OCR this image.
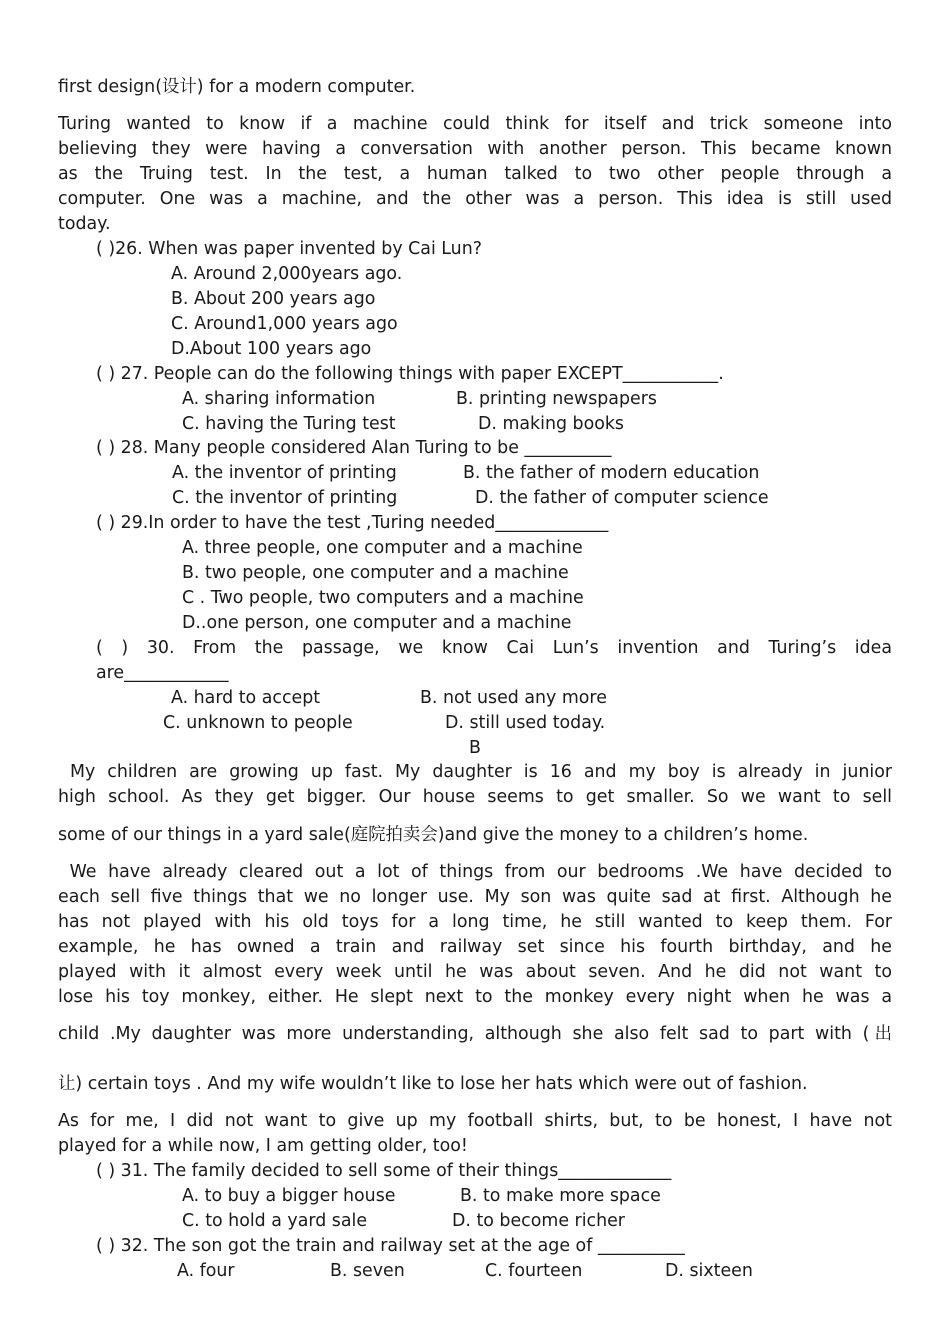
first design(设计) for a modern computer.
Turing wanted to know if a machine could think for itself and trick someone into
believing they were having a conversation with another person. This became known
as the Truing test. In the test, a human talked to two other people through a
computer. One was a machine, and the other was a person. This idea is still used
today.
( )26. When was paper invented by Cai Lun?
A. Around 2,000years ago.
B. About 200 years ago
C. Around1,000 years ago
D.About 100 years ago
( ) 27. People can do the following things with paper EXCEPT___________.
A. sharing information	B. printing newspapers
C. having the Turing test	D. making books
( ) 28. Many people considered Alan Turing to be __________
A. the inventor of printing	B. the father of modern education
C. the inventor of printing	D. the father of computer science
( ) 29.In order to have the test ,Turing needed_____________
A. three people, one computer and a machine
B. two people, one computer and a machine
C . Two people, two computers and a machine
D..one person, one computer and a machine
( ) 30. From the passage, we know Cai Lun’s invention and Turing’s idea
are____________
A. hard to accept	B. not used any more
C. unknown to people	D. still used today.
B
My children are growing up fast. My daughter is 16 and my boy is already in junior
high school. As they get bigger. Our house seems to get smaller. So we want to sell
some of our things in a yard sale(庭院拍卖会)and give the money to a children’s home.
We have already cleared out a lot of things from our bedrooms .We have decided to
each sell five things that we no longer use. My son was quite sad at first. Although he
has not played with his old toys for a long time, he still wanted to keep them. For
example, he has owned a train and railway set since his fourth birthday, and he
played with it almost every week until he was about seven. And he did not want to
lose his toy monkey, either. He slept next to the monkey every night when he was a
child .My daughter was more understanding, although she also felt sad to part with (出
让) certain toys . And my wife wouldn’t like to lose her hats which were out of fashion.
As for me, I did not want to give up my football shirts, but, to be honest, I have not
played for a while now, I am getting older, too!
( ) 31. The family decided to sell some of their things_____________
A. to buy a bigger house	B. to make more space
C. to hold a yard sale	D. to become richer
( ) 32. The son got the train and railway set at the age of __________
A. four	B. seven	C. fourteen	D. sixteen
